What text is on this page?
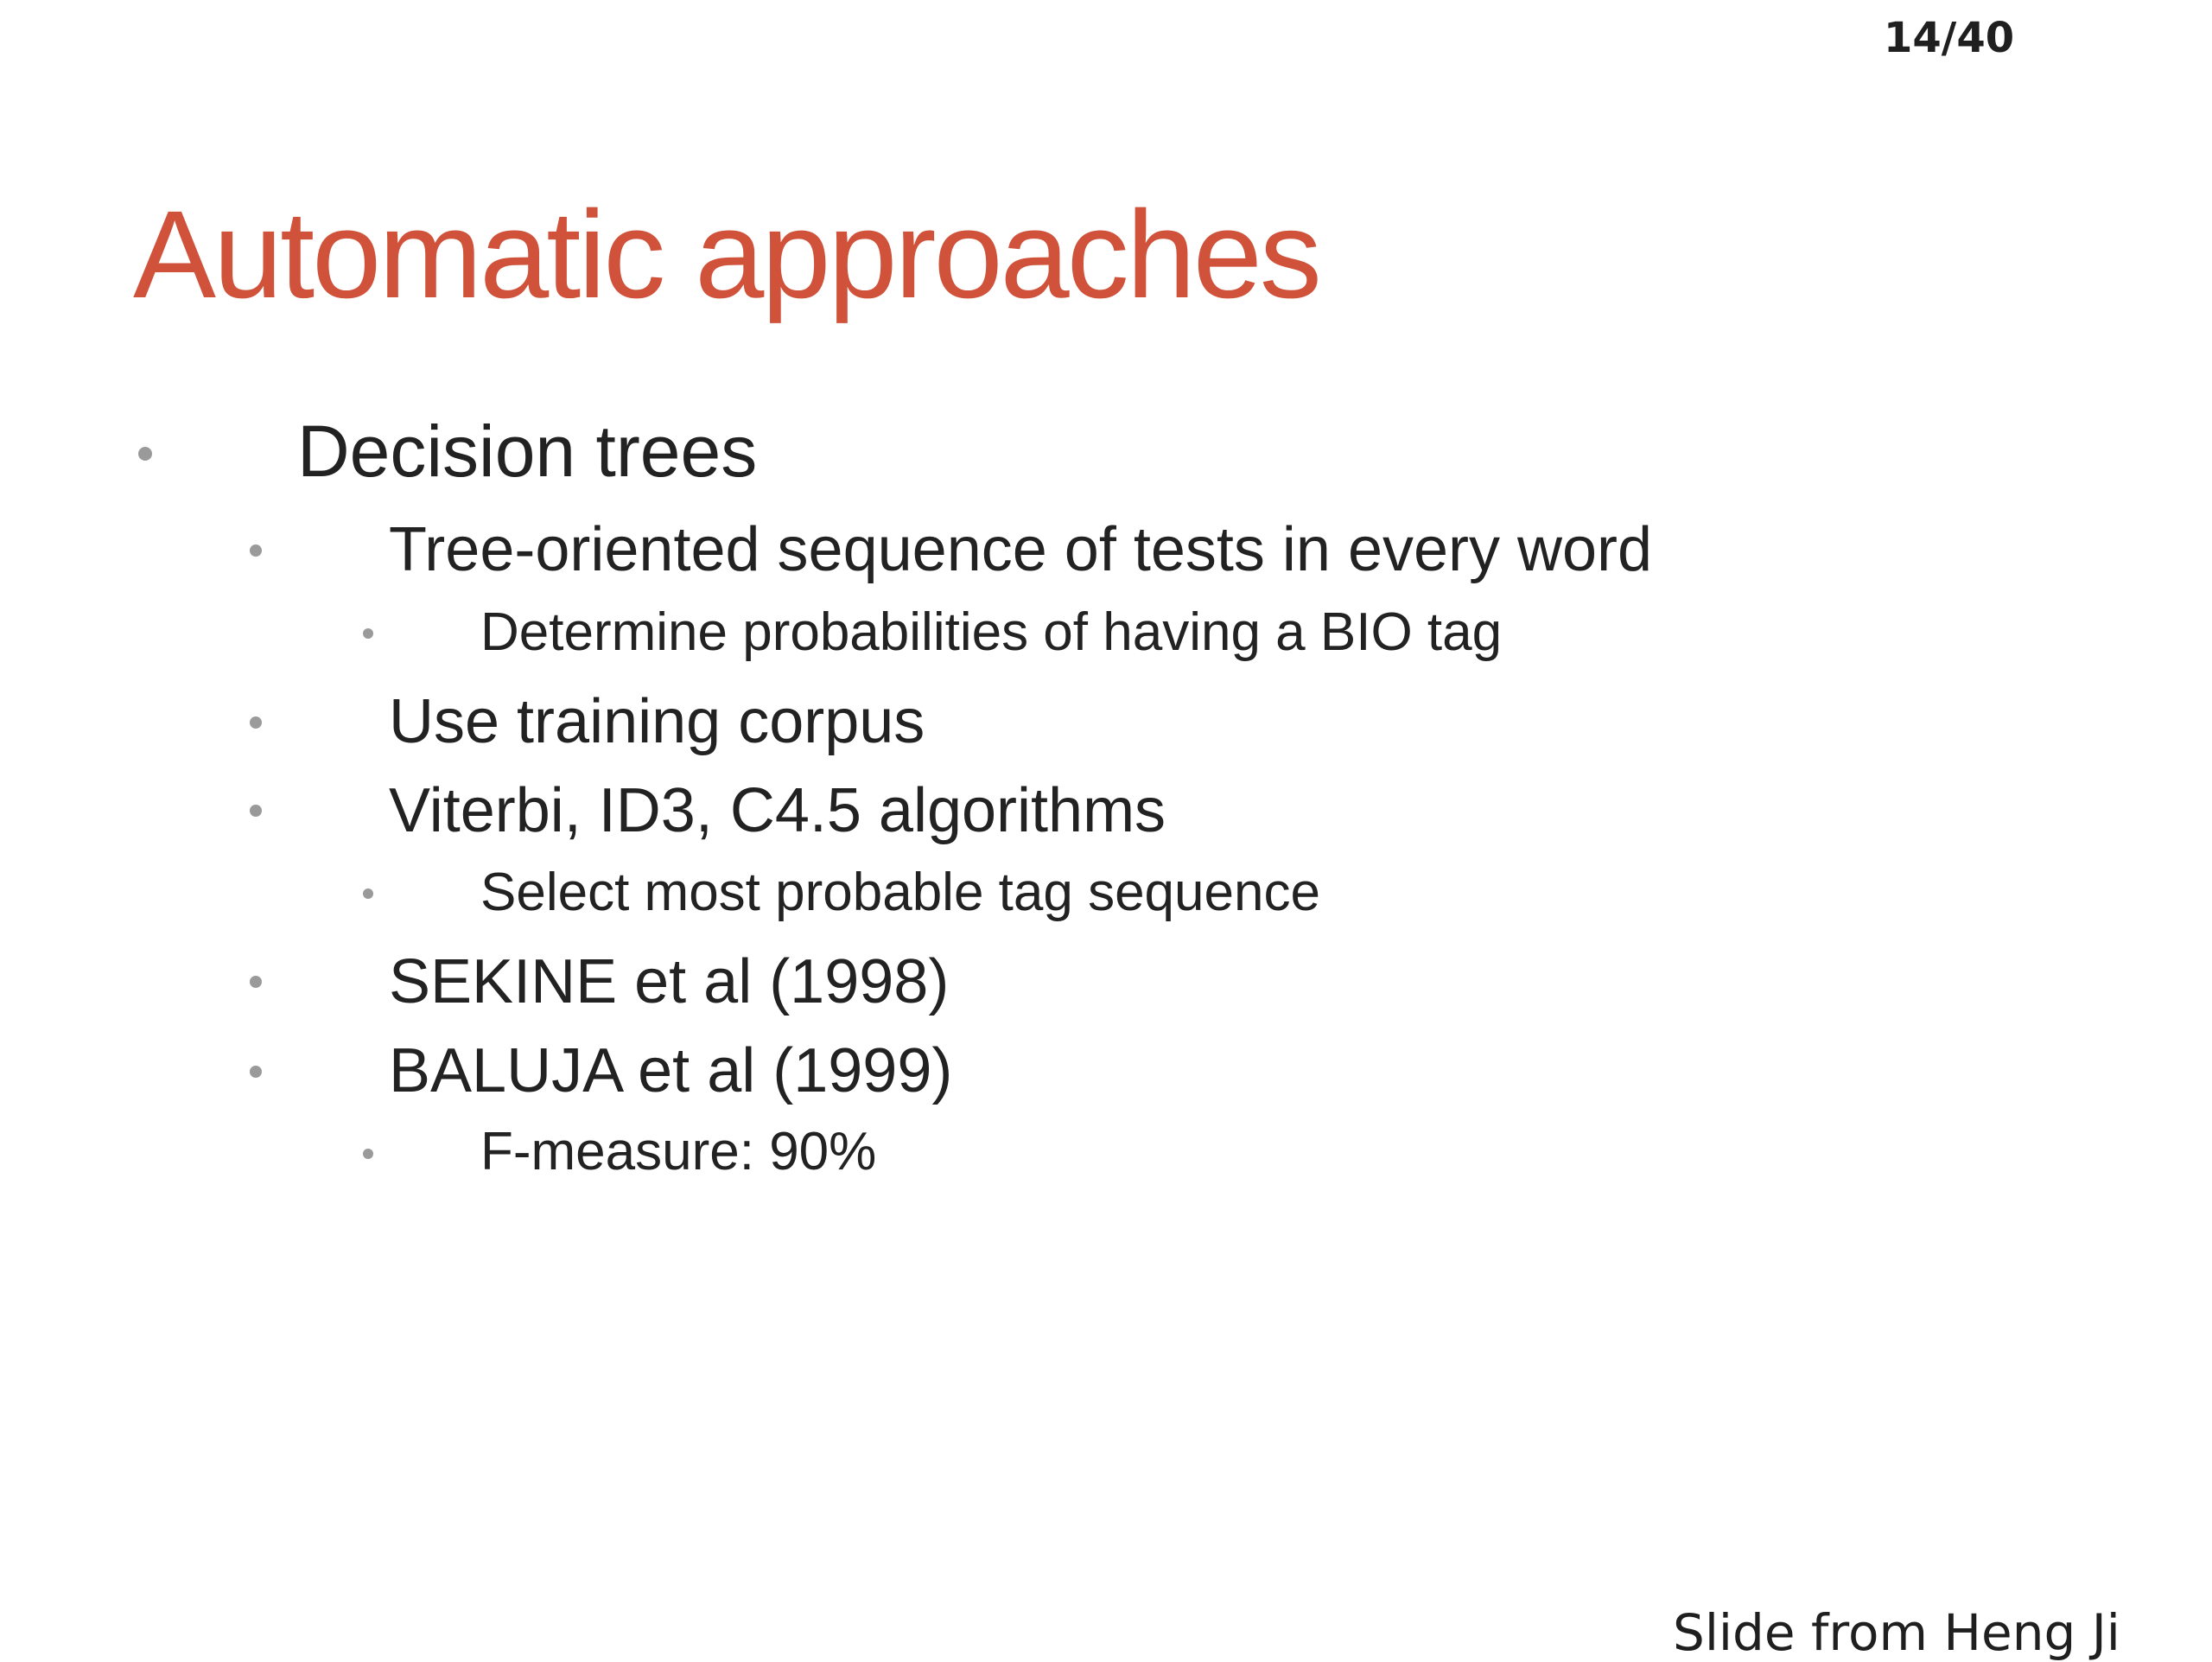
14/40
Automatic approaches
Decision trees
Tree-oriented sequence of tests in every word
Determine probabilities of having a BIO tag
Use training corpus
Viterbi, ID3, C4.5 algorithms
Select most probable tag sequence
SEKINE et al (1998)
BALUJA et al (1999)
F-measure: 90%
Slide from Heng Ji
